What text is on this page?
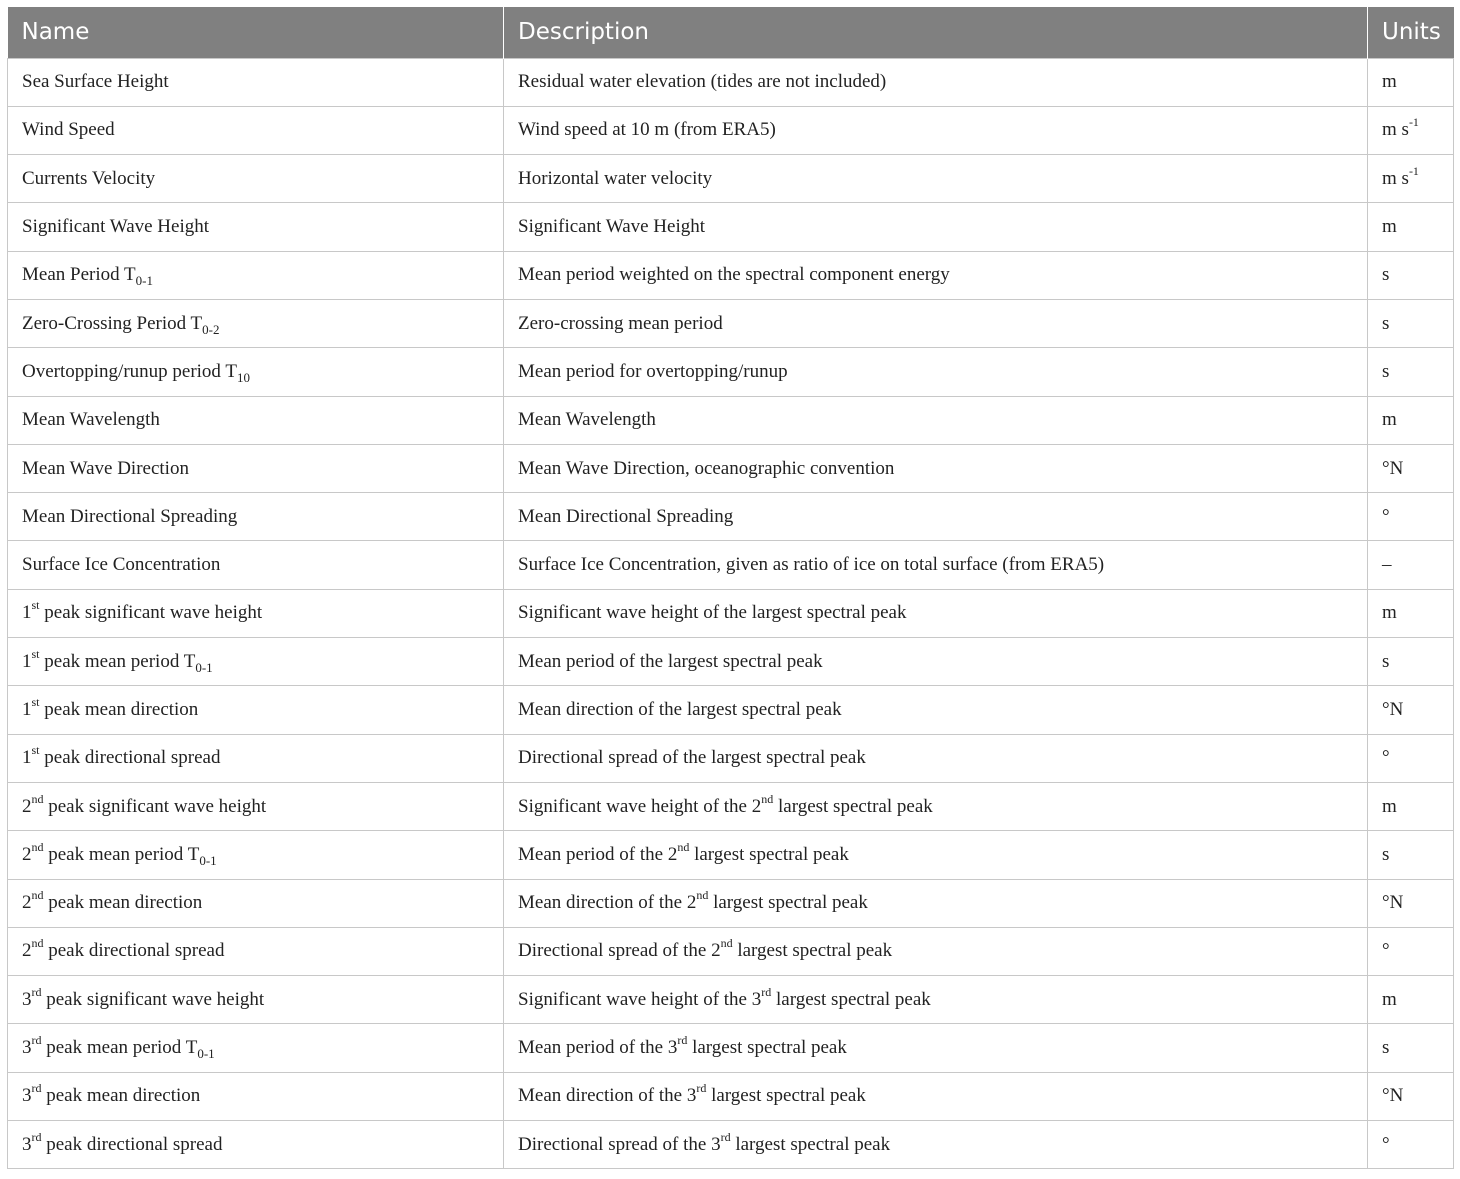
Name	Description	Units
Sea Surface Height	Residual water elevation (tides are not included)	m
Wind Speed	Wind speed at 10 m (from ERA5)	m $s^{-1}$
Currents Velocity	Horizontal water velocity	m $s^{-1}$
Significant Wave Height	Significant Wave Height	m
Mean Period $T_{0-1}$	Mean period weighted on the spectral component energy	s
Zero-Crossing Period $T_{0-2}$	Zero-crossing mean period	s
Overtopping/runup period $T_{10}$	Mean period for overtopping/runup	s
Mean Wavelength	Mean Wavelength	m
Mean Wave Direction	Mean Wave Direction, oceanographic convention	°N
Mean Directional Spreading	Mean Directional Spreading	°
Surface Ice Concentration	Surface Ice Concentration, given as ratio of ice on total surface (from ERA5)	–
1st peak significant wave height	Significant wave height of the largest spectral peak	m
1st peak mean period $T_{0-1}$	Mean period of the largest spectral peak	s
1st peak mean direction	Mean direction of the largest spectral peak	°N
1st peak directional spread	Directional spread of the largest spectral peak	°
2nd peak significant wave height	Significant wave height of the 2nd largest spectral peak	m
2nd peak mean period $T_{0-1}$	Mean period of the 2nd largest spectral peak	s
2nd peak mean direction	Mean direction of the 2nd largest spectral peak	°N
2nd peak directional spread	Directional spread of the 2nd largest spectral peak	°
3rd peak significant wave height	Significant wave height of the 3rd largest spectral peak	m
3rd peak mean period $T_{0-1}$	Mean period of the 3rd largest spectral peak	s
3rd peak mean direction	Mean direction of the 3rd largest spectral peak	°N
3rd peak directional spread	Directional spread of the 3rd largest spectral peak	°
